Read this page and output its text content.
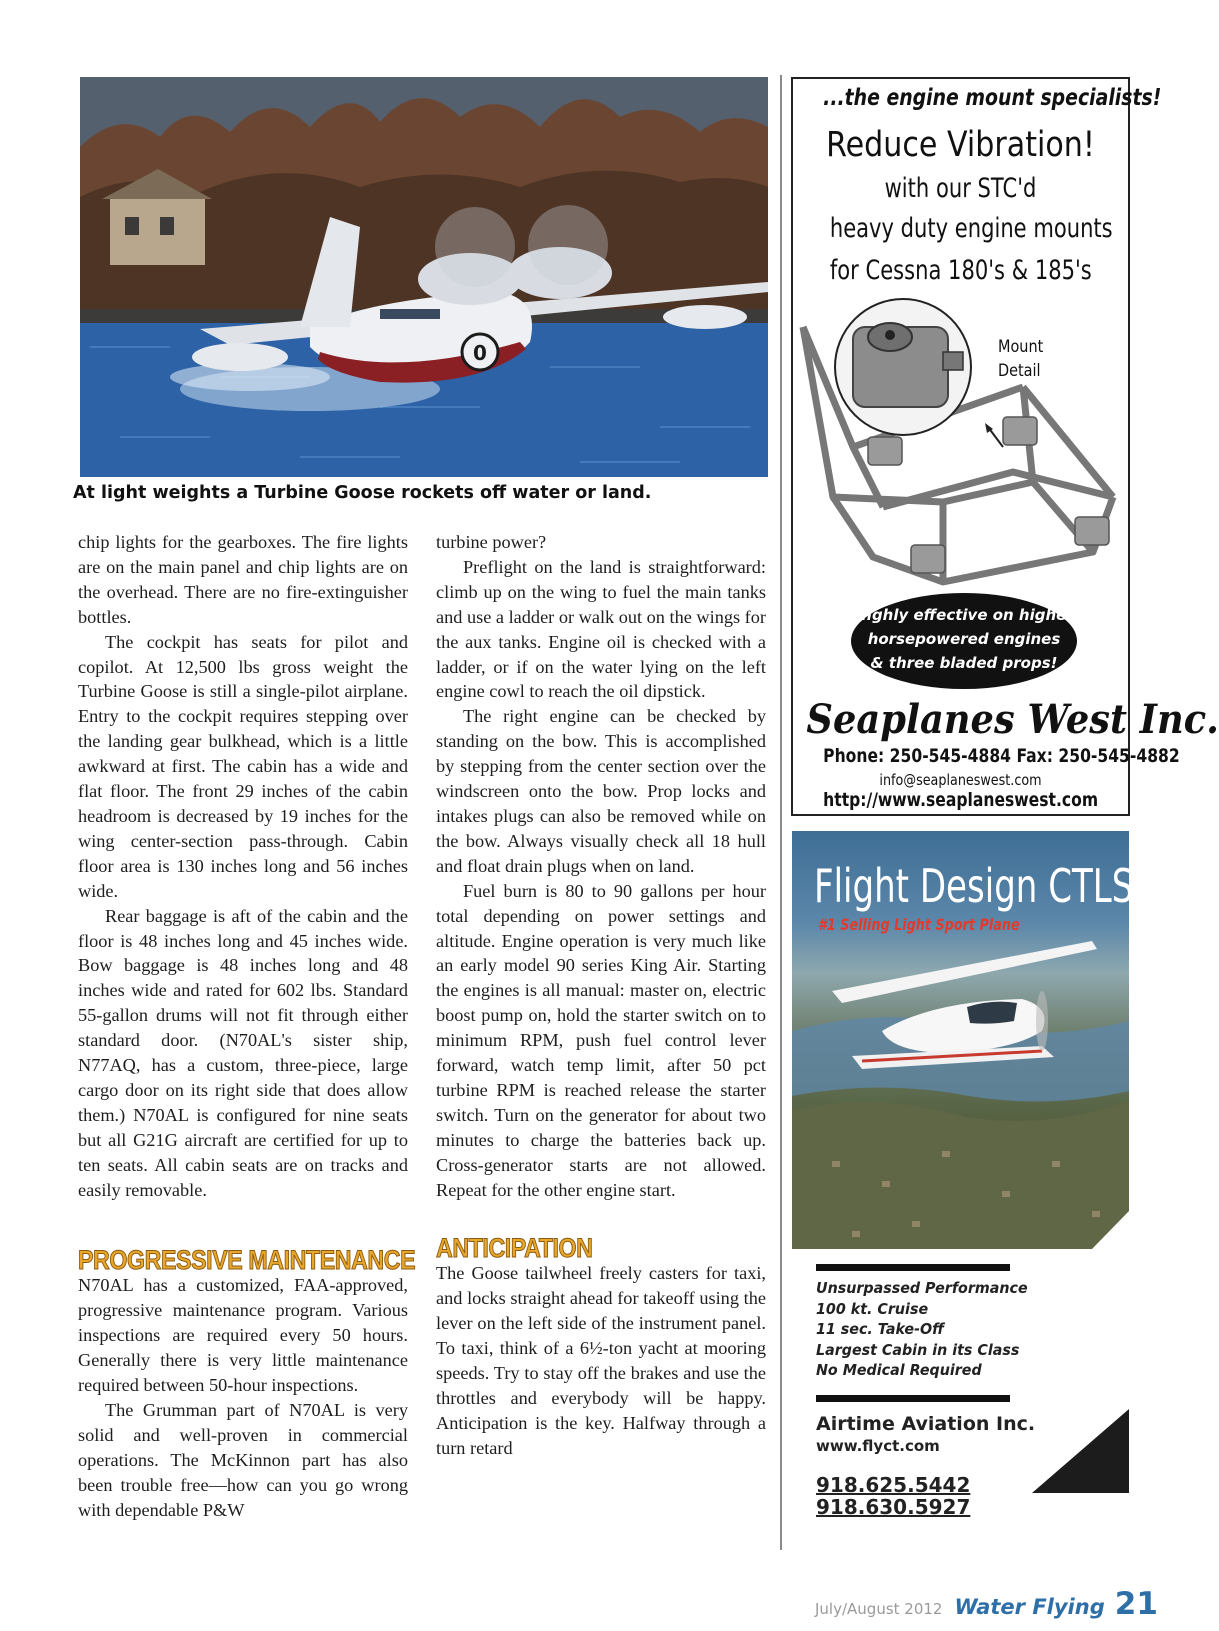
0
At light weights a Turbine Goose rockets off water or land.

chip lights for the gearboxes. The fire lights are on the main panel and chip lights are on the overhead. There are no fire-extinguisher bottles.

The cockpit has seats for pilot and copilot. At 12,500 lbs gross weight the Turbine Goose is still a single-pilot airplane. Entry to the cockpit requires stepping over the landing gear bulkhead, which is a little awkward at first. The cabin has a wide and flat floor. The front 29 inches of the cabin headroom is decreased by 19 inches for the wing center-section pass-through. Cabin floor area is 130 inches long and 56 inches wide.

Rear baggage is aft of the cabin and the floor is 48 inches long and 45 inches wide. Bow baggage is 48 inches long and 48 inches wide and rated for 602 lbs. Standard 55-gallon drums will not fit through either standard door. (N70AL's sister ship, N77AQ, has a custom, three-piece, large cargo door on its right side that does allow them.) N70AL is configured for nine seats but all G21G aircraft are certified for up to ten seats. All cabin seats are on tracks and easily removable.

PROGRESSIVE MAINTENANCE

N70AL has a customized, FAA-approved, progressive maintenance program. Various inspections are required every 50 hours. Generally there is very little maintenance required between 50-hour inspections.

The Grumman part of N70AL is very solid and well-proven in commercial operations. The McKinnon part has also been trouble free—how can you go wrong with dependable P&W

turbine power?

Preflight on the land is straightforward: climb up on the wing to fuel the main tanks and use a ladder or walk out on the wings for the aux tanks. Engine oil is checked with a ladder, or if on the water lying on the left engine cowl to reach the oil dipstick.

The right engine can be checked by standing on the bow. This is accomplished by stepping from the center section over the windscreen onto the bow. Prop locks and intakes plugs can also be removed while on the bow. Always visually check all 18 hull and float drain plugs when on land.

Fuel burn is 80 to 90 gallons per hour total depending on power settings and altitude. Engine operation is very much like an early model 90 series King Air. Starting the engines is all manual: master on, electric boost pump on, hold the starter switch on to minimum RPM, push fuel control lever forward, watch temp limit, after 50 pct turbine RPM is reached release the starter switch. Turn on the generator for about two minutes to charge the batteries back up. Cross-generator starts are not allowed. Repeat for the other engine start.

ANTICIPATION

The Goose tailwheel freely casters for taxi, and locks straight ahead for takeoff using the lever on the left side of the instrument panel. To taxi, think of a 6½-ton yacht at mooring speeds. Try to stay off the brakes and use the throttles and everybody will be happy. Anticipation is the key. Halfway through a turn retard

...the engine mount specialists!
Reduce Vibration!
with our STC'd
heavy duty engine mounts
for Cessna 180's & 185's
Mount
Detail
Highly effective on higher
horsepowered engines
& three bladed props!
Seaplanes West Inc.
Phone: 250-545-4884 Fax: 250-545-4882
info@seaplaneswest.com
http://www.seaplaneswest.com
Flight Design CTLS
#1 Selling Light Sport Plane
Unsurpassed Performance
100 kt. Cruise
11 sec. Take-Off
Largest Cabin in its Class
No Medical Required
Airtime Aviation Inc.
www.flyct.com
918.625.5442
918.630.5927
July/August 2012 Water Flying 21
